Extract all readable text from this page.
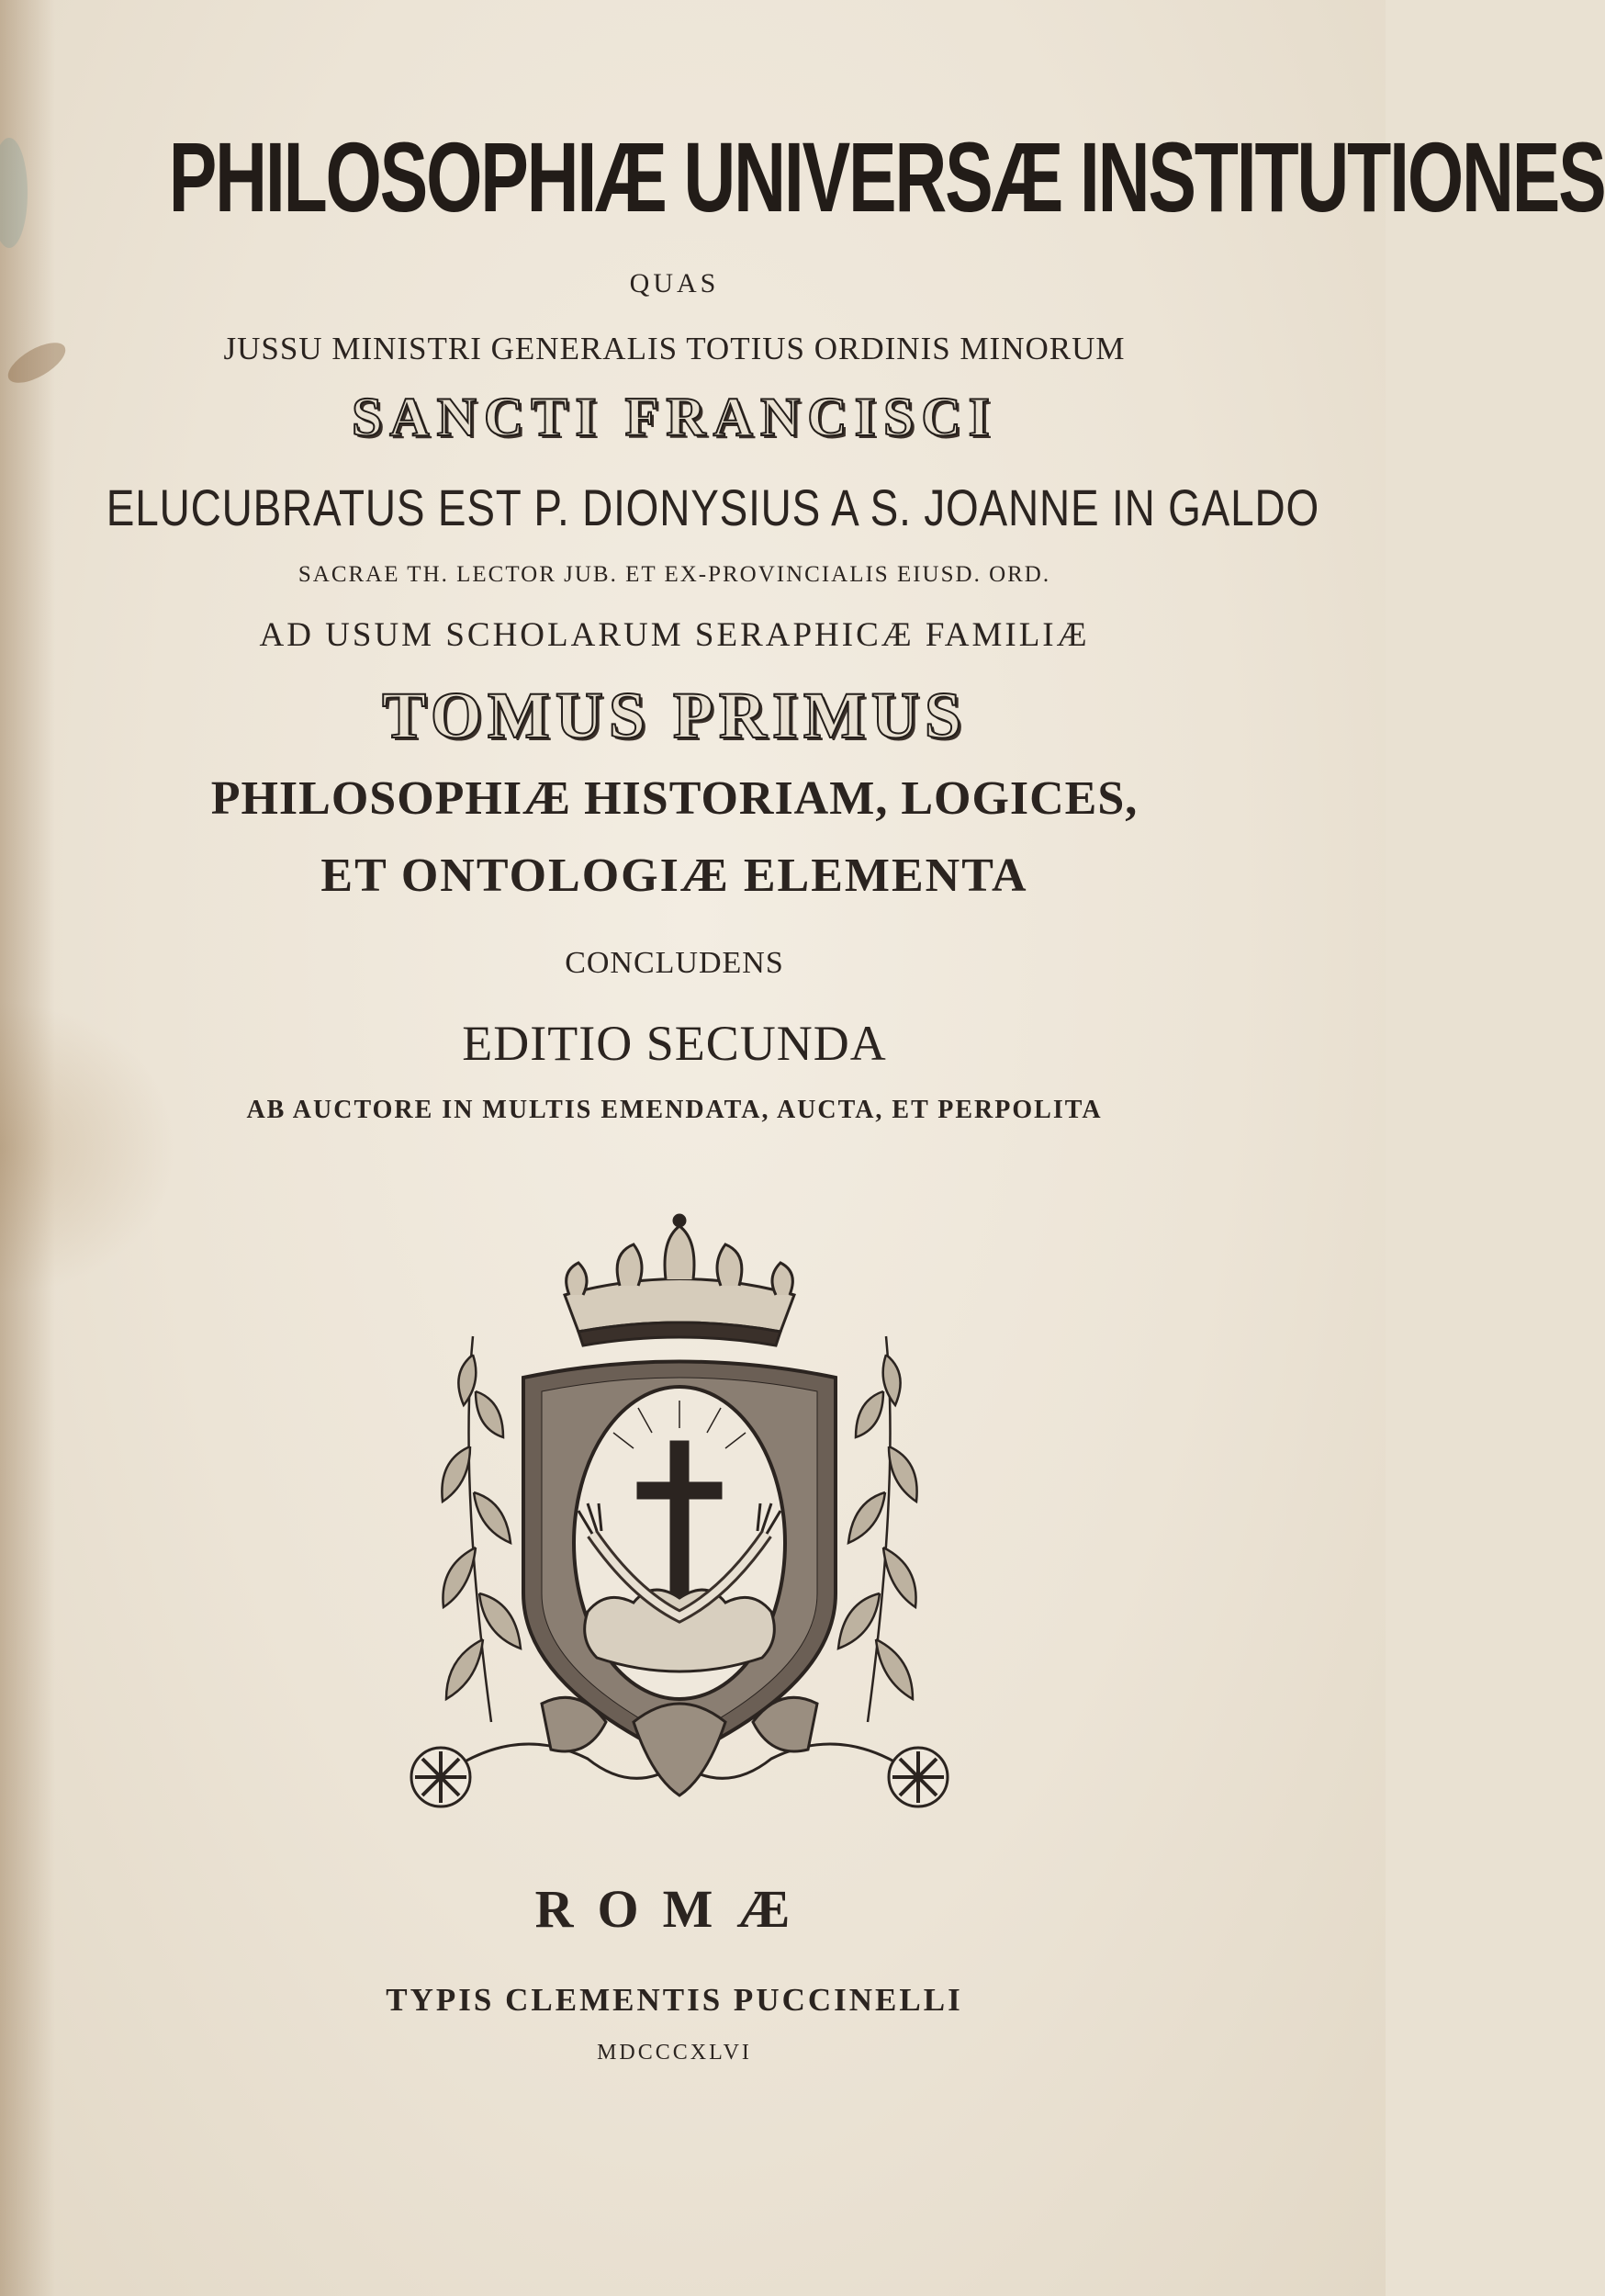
PHILOSOPHIÆ UNIVERSÆ INSTITUTIONES
QUAS
JUSSU MINISTRI GENERALIS TOTIUS ORDINIS MINORUM
SANCTI FRANCISCI
ELUCUBRATUS EST P. DIONYSIUS A S. JOANNE IN GALDO
SACRAE TH. LECTOR JUB. ET EX-PROVINCIALIS EIUSD. ORD.
AD USUM SCHOLARUM SERAPHICÆ FAMILIÆ
TOMUS PRIMUS
PHILOSOPHIÆ HISTORIAM, LOGICES,
ET ONTOLOGIÆ ELEMENTA
CONCLUDENS
EDITIO SECUNDA
AB AUCTORE IN MULTIS EMENDATA, AUCTA, ET PERPOLITA
ROMÆ
TYPIS CLEMENTIS PUCCINELLI
MDCCCXLVI
